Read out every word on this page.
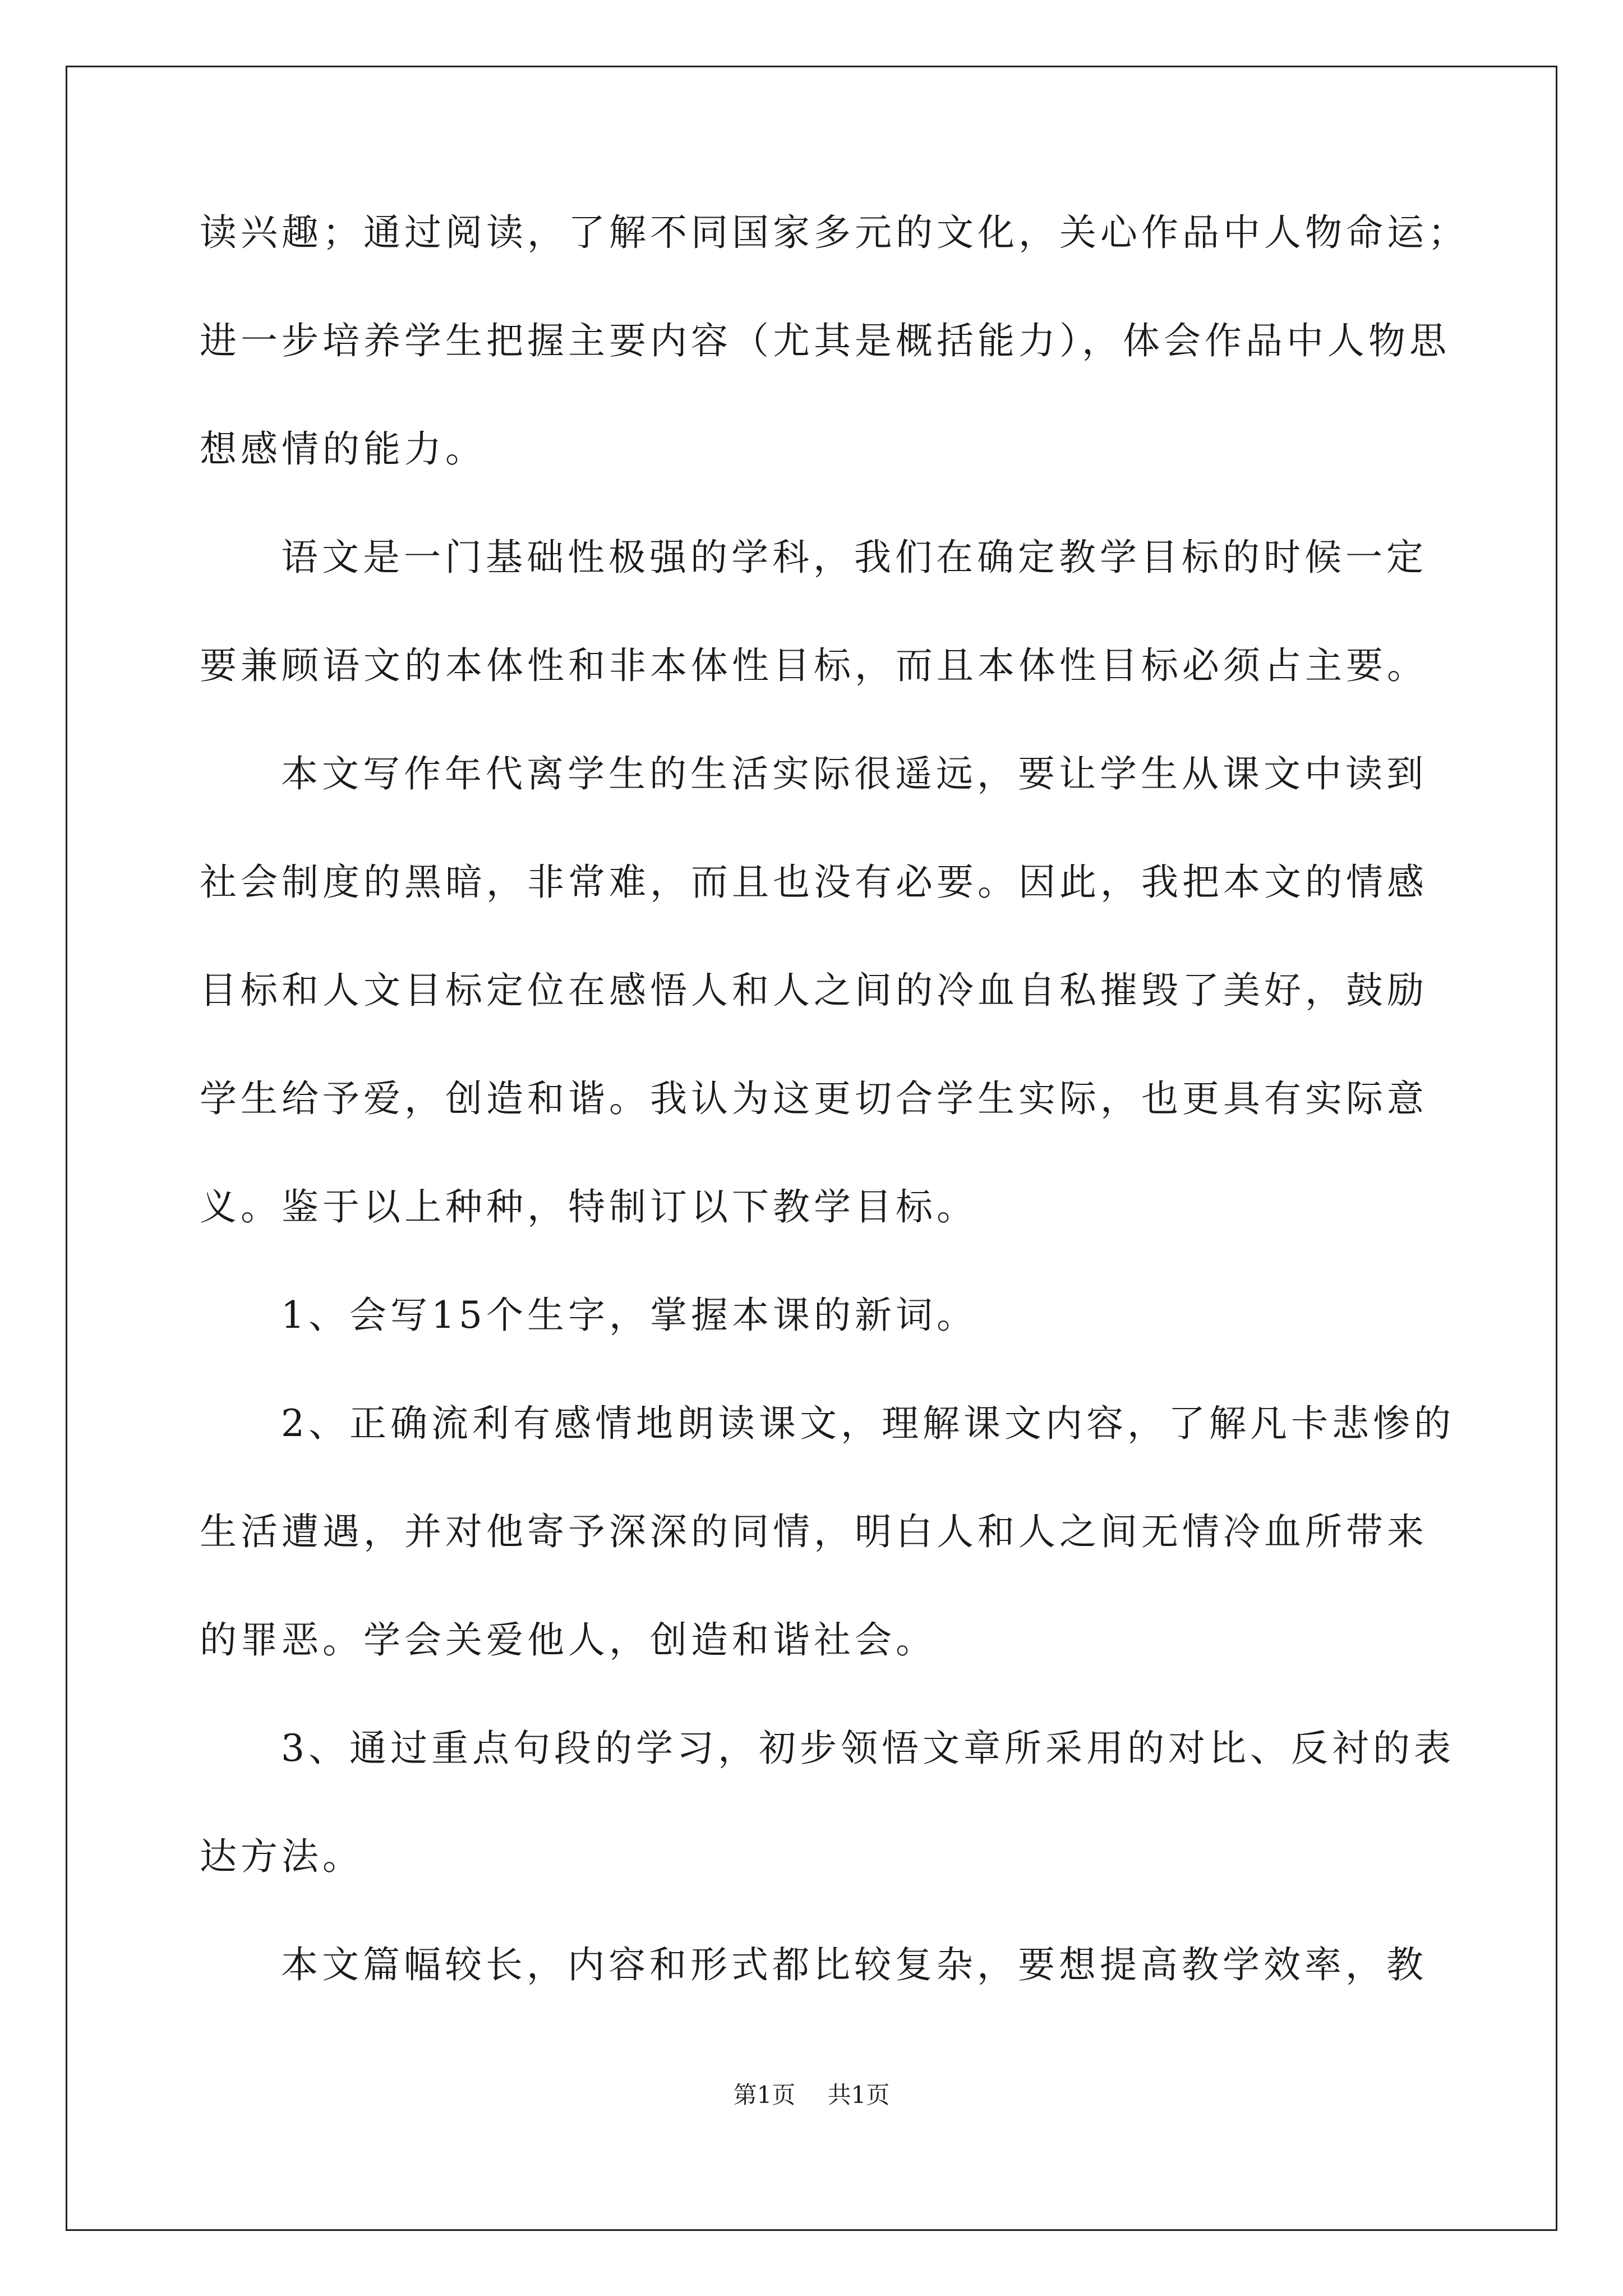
读兴趣；通过阅读，了解不同国家多元的文化，关心作品中人物命运；
进一步培养学生把握主要内容（尤其是概括能力），体会作品中人物思
想感情的能力。
语文是一门基础性极强的学科，我们在确定教学目标的时候一定
要兼顾语文的本体性和非本体性目标，而且本体性目标必须占主要。
本文写作年代离学生的生活实际很遥远，要让学生从课文中读到
社会制度的黑暗，非常难，而且也没有必要。因此，我把本文的情感
目标和人文目标定位在感悟人和人之间的冷血自私摧毁了美好，鼓励
学生给予爱，创造和谐。我认为这更切合学生实际，也更具有实际意
义。鉴于以上种种，特制订以下教学目标。
1、会写15个生字，掌握本课的新词。
2、正确流利有感情地朗读课文，理解课文内容，了解凡卡悲惨的
生活遭遇，并对他寄予深深的同情，明白人和人之间无情冷血所带来
的罪恶。学会关爱他人，创造和谐社会。
3、通过重点句段的学习，初步领悟文章所采用的对比、反衬的表
达方法。
本文篇幅较长，内容和形式都比较复杂，要想提高教学效率，教
第1页 共1页
